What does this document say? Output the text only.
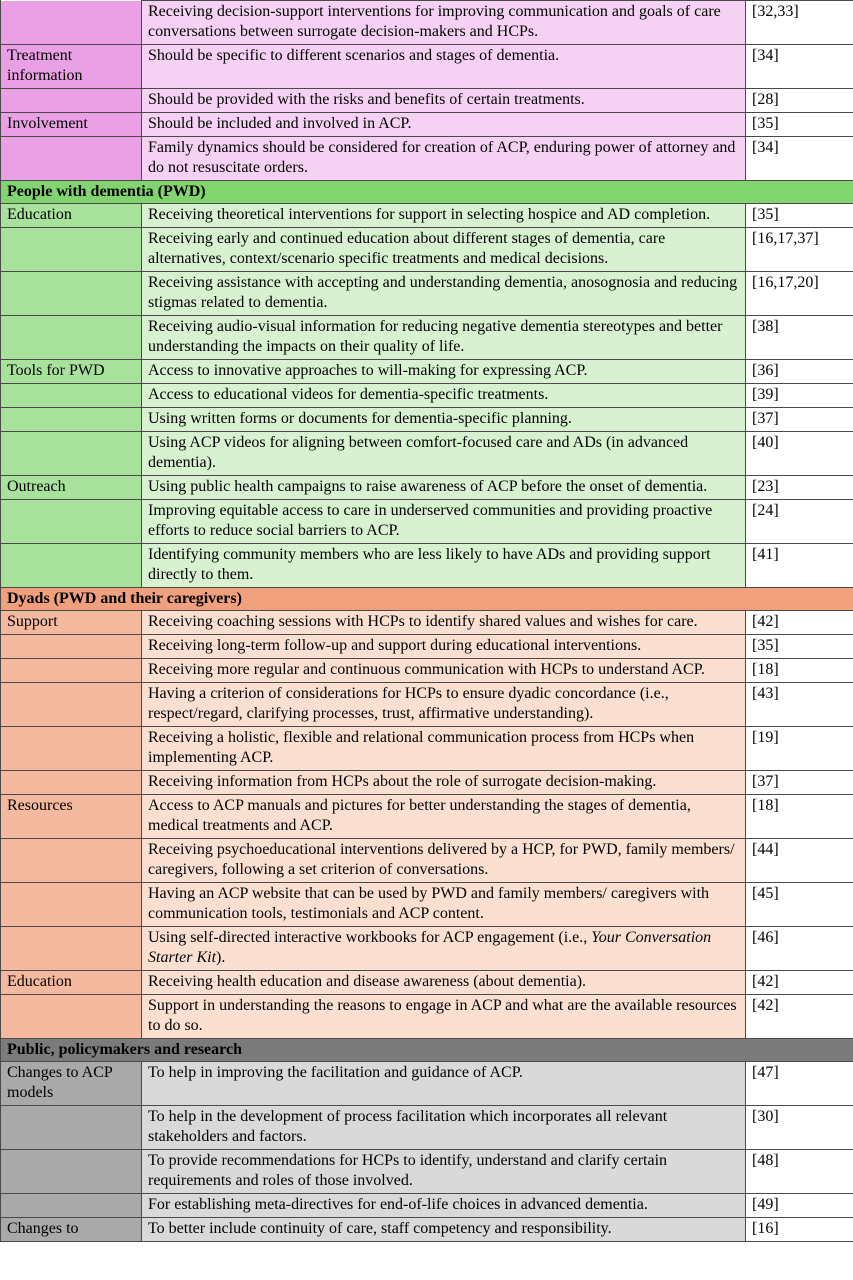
	Receiving decision-support interventions for improving communication and goals of care conversations between surrogate decision-makers and HCPs.	[32,33]
Treatment information	Should be specific to different scenarios and stages of dementia.	[34]
	Should be provided with the risks and benefits of certain treatments.	[28]
Involvement	Should be included and involved in ACP.	[35]
	Family dynamics should be considered for creation of ACP, enduring power of attorney and do not resuscitate orders.	[34]
People with dementia (PWD)		
Education	Receiving theoretical interventions for support in selecting hospice and AD completion.	[35]
	Receiving early and continued education about different stages of dementia, care alternatives, context/scenario specific treatments and medical decisions.	[16,17,37]
	Receiving assistance with accepting and understanding dementia, anosognosia and reducing stigmas related to dementia.	[16,17,20]
	Receiving audio-visual information for reducing negative dementia stereotypes and better understanding the impacts on their quality of life.	[38]
Tools for PWD	Access to innovative approaches to will-making for expressing ACP.	[36]
	Access to educational videos for dementia-specific treatments.	[39]
	Using written forms or documents for dementia-specific planning.	[37]
	Using ACP videos for aligning between comfort-focused care and ADs (in advanced dementia).	[40]
Outreach	Using public health campaigns to raise awareness of ACP before the onset of dementia.	[23]
	Improving equitable access to care in underserved communities and providing proactive efforts to reduce social barriers to ACP.	[24]
	Identifying community members who are less likely to have ADs and providing support directly to them.	[41]
Dyads (PWD and their caregivers)		
Support	Receiving coaching sessions with HCPs to identify shared values and wishes for care.	[42]
	Receiving long-term follow-up and support during educational interventions.	[35]
	Receiving more regular and continuous communication with HCPs to understand ACP.	[18]
	Having a criterion of considerations for HCPs to ensure dyadic concordance (i.e., respect/regard, clarifying processes, trust, affirmative understanding).	[43]
	Receiving a holistic, flexible and relational communication process from HCPs when implementing ACP.	[19]
	Receiving information from HCPs about the role of surrogate decision-making.	[37]
Resources	Access to ACP manuals and pictures for better understanding the stages of dementia, medical treatments and ACP.	[18]
	Receiving psychoeducational interventions delivered by a HCP, for PWD, family members/ caregivers, following a set criterion of conversations.	[44]
	Having an ACP website that can be used by PWD and family members/ caregivers with communication tools, testimonials and ACP content.	[45]
	Using self-directed interactive workbooks for ACP engagement (i.e., Your Conversation Starter Kit).	[46]
Education	Receiving health education and disease awareness (about dementia).	[42]
	Support in understanding the reasons to engage in ACP and what are the available resources to do so.	[42]
Public, policymakers and research		
Changes to ACP models	To help in improving the facilitation and guidance of ACP.	[47]
	To help in the development of process facilitation which incorporates all relevant stakeholders and factors.	[30]
	To provide recommendations for HCPs to identify, understand and clarify certain requirements and roles of those involved.	[48]
	For establishing meta-directives for end-of-life choices in advanced dementia.	[49]
Changes to	To better include continuity of care, staff competency and responsibility.	[16]
